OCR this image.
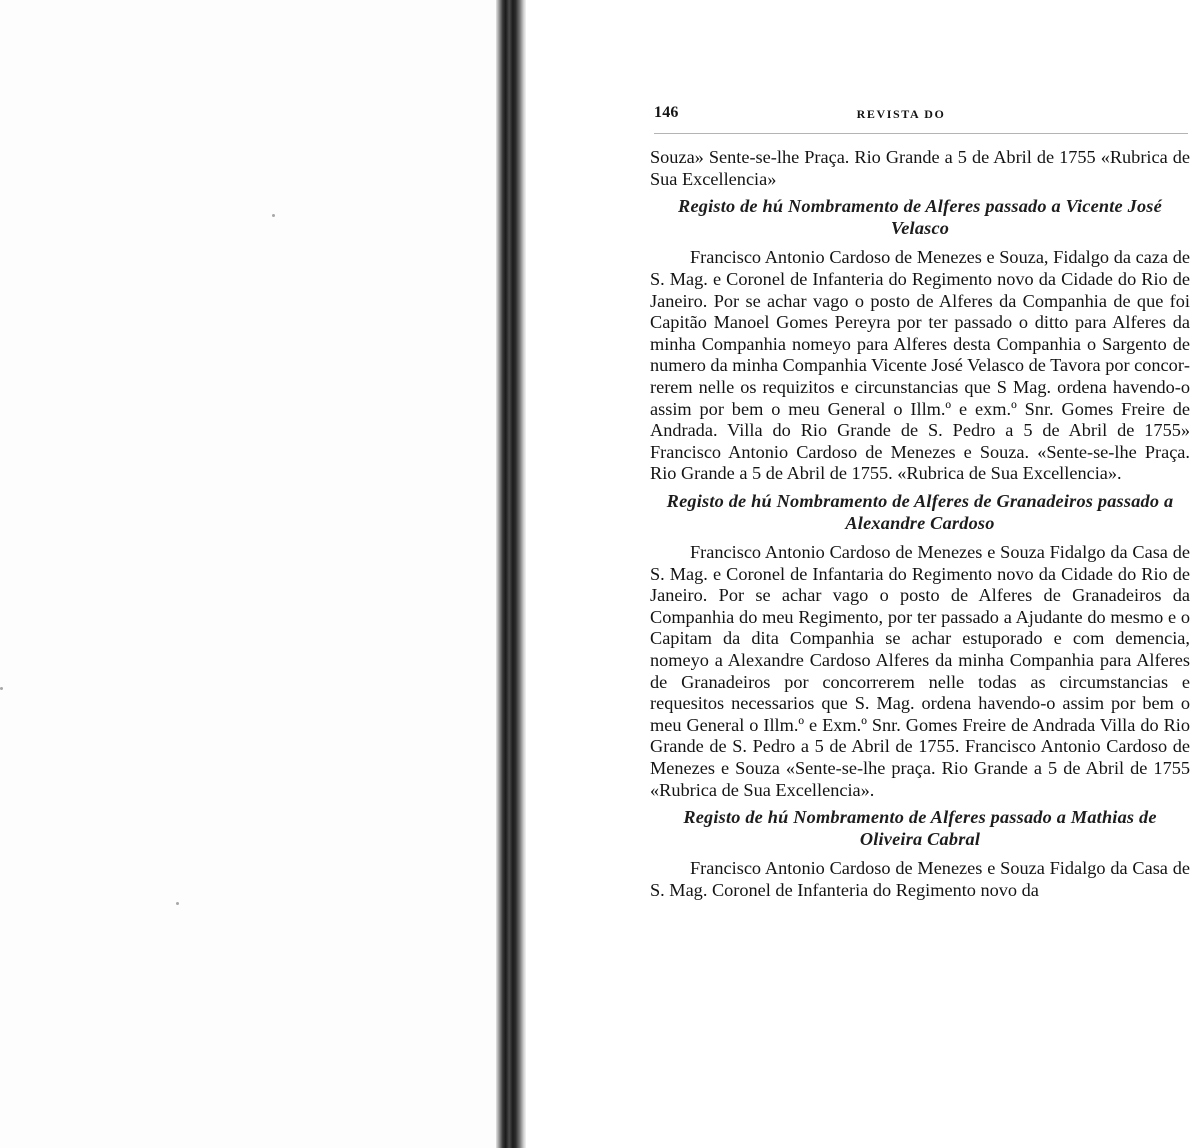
146	REVISTA DO

Souza» Sente-se-lhe Praça. Rio Grande a 5 de Abril de 1755 «Rubrica de Sua Excellencia»

Registo de hú Nombramento de Alferes passado a Vicente José Velasco

Francisco Antonio Cardoso de Menezes e Souza, Fidalgo da caza de S. Mag. e Coronel de Infanteria do Regimento novo da Cidade do Rio de Janeiro. Por se achar vago o posto de Alferes da Companhia de que foi Capitão Manoel Gomes Pereyra por ter passado o ditto para Alferes da minha Companhia nomeyo para Alferes desta Companhia o Sargento de numero da minha Companhia Vicente José Velasco de Tavora por concorrerem nelle os requizitos e circunstancias que S Mag. ordena havendo-o assim por bem o meu General o Illm.º e exm.º Snr. Gomes Freire de Andrada. Villa do Rio Grande de S. Pedro a 5 de Abril de 1755» Francisco Antonio Cardoso de Menezes e Souza. «Sente-se-lhe Praça. Rio Grande a 5 de Abril de 1755. «Rubrica de Sua Excellencia».

Registo de hú Nombramento de Alferes de Granadeiros passado a Alexandre Cardoso

Francisco Antonio Cardoso de Menezes e Souza Fidalgo da Casa de S. Mag. e Coronel de Infantaria do Regimento novo da Cidade do Rio de Janeiro. Por se achar vago o posto de Alferes de Granadeiros da Companhia do meu Regimento, por ter passado a Ajudante do mesmo e o Capitam da dita Companhia se achar estuporado e com demencia, nomeyo a Alexandre Cardoso Alferes da minha Companhia para Alferes de Granadeiros por concorrerem nelle todas as circumstancias e requesitos necessarios que S. Mag. ordena havendo-o assim por bem o meu General o Illm.º e Exm.º Snr. Gomes Freire de Andrada Villa do Rio Grande de S. Pedro a 5 de Abril de 1755. Francisco Antonio Cardoso de Menezes e Souza «Sente-se-lhe praça. Rio Grande a 5 de Abril de 1755 «Rubrica de Sua Excellencia».

Registo de hú Nombramento de Alferes passado a Mathias de Oliveira Cabral

Francisco Antonio Cardoso de Menezes e Souza Fidalgo da Casa de S. Mag. Coronel de Infanteria do Regimento novo da
